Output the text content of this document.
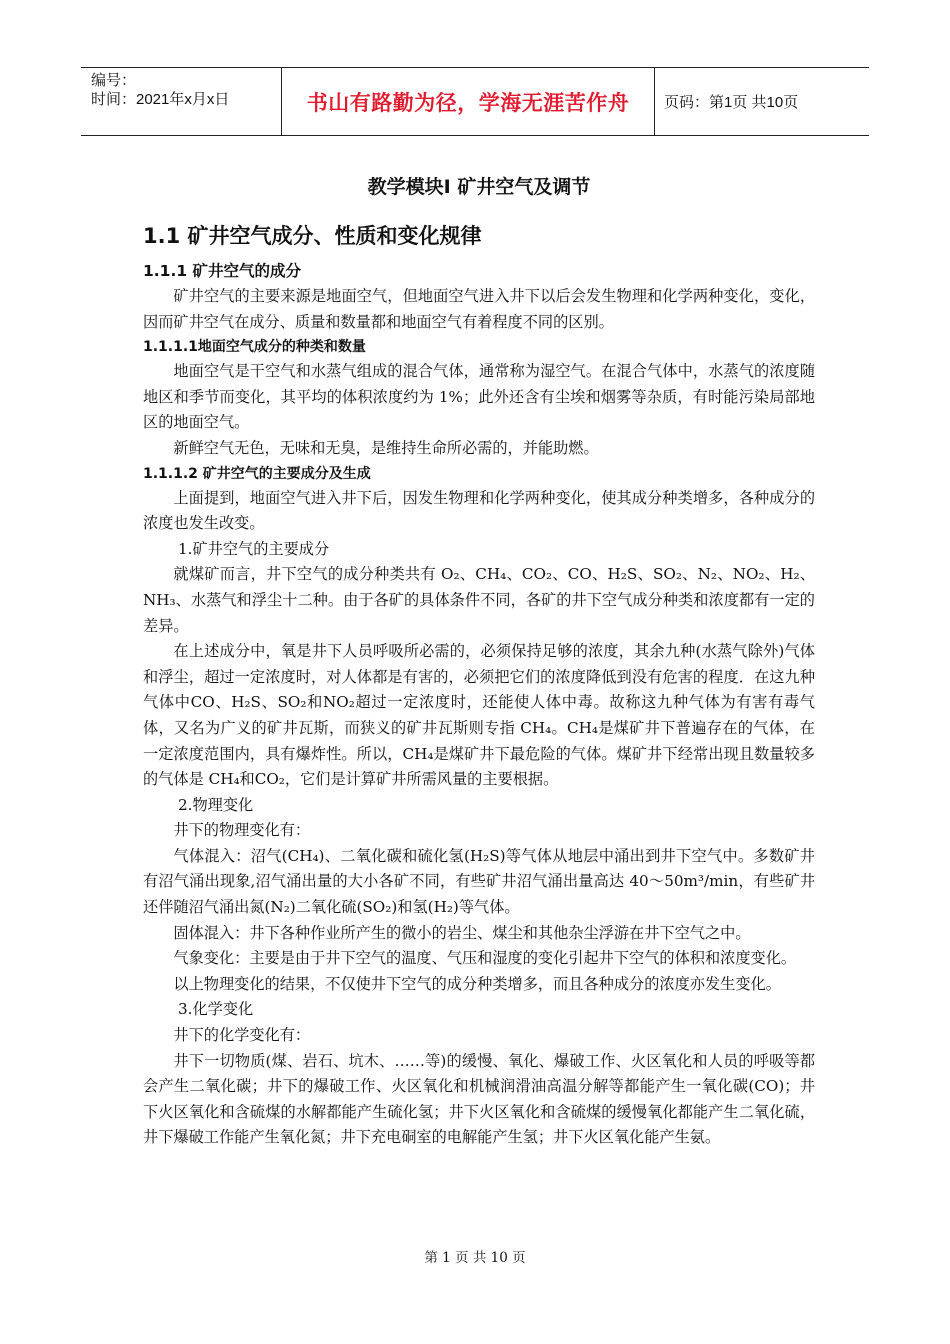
编号：
时间：2021年x月x日	书山有路勤为径，学海无涯苦作舟	页码：第1页 共10页
教学模块Ⅰ 矿井空气及调节
1.1 矿井空气成分、性质和变化规律
1.1.1 矿井空气的成分

矿井空气的主要来源是地面空气，但地面空气进入井下以后会发生物理和化学两种变化，变化，因而矿井空气在成分、质量和数量都和地面空气有着程度不同的区别。

1.1.1.1地面空气成分的种类和数量

地面空气是干空气和水蒸气组成的混合气体，通常称为湿空气。在混合气体中，水蒸气的浓度随地区和季节而变化，其平均的体积浓度约为 1%；此外还含有尘埃和烟雾等杂质，有时能污染局部地区的地面空气。

新鲜空气无色，无味和无臭，是维持生命所必需的，并能助燃。

1.1.1.2 矿井空气的主要成分及生成

上面提到，地面空气进入井下后，因发生物理和化学两种变化，使其成分种类增多，各种成分的浓度也发生改变。

1.矿井空气的主要成分

就煤矿而言，井下空气的成分种类共有 O₂、CH₄、CO₂、CO、H₂S、SO₂、N₂、NO₂、H₂、NH₃、水蒸气和浮尘十二种。由于各矿的具体条件不同，各矿的井下空气成分种类和浓度都有一定的差异。

在上述成分中，氧是井下人员呼吸所必需的，必须保持足够的浓度，其余九种(水蒸气除外)气体和浮尘，超过一定浓度时，对人体都是有害的，必须把它们的浓度降低到没有危害的程度．在这九种气体中CO、H₂S、SO₂和NO₂超过一定浓度时，还能使人体中毒。故称这九种气体为有害有毒气体，又名为广义的矿井瓦斯，而狭义的矿井瓦斯则专指 CH₄。CH₄是煤矿井下普遍存在的气体，在一定浓度范围内，具有爆炸性。所以，CH₄是煤矿井下最危险的气体。煤矿井下经常出现且数量较多的气体是 CH₄和CO₂，它们是计算矿井所需风量的主要根据。

2.物理变化

井下的物理变化有：

气体混入：沼气(CH₄)、二氧化碳和硫化氢(H₂S)等气体从地层中涌出到井下空气中。多数矿井有沼气涌出现象,沼气涌出量的大小各矿不同，有些矿井沼气涌出量高达 40～50m³/min，有些矿井还伴随沼气涌出氮(N₂)二氧化硫(SO₂)和氢(H₂)等气体。

固体混入：井下各种作业所产生的微小的岩尘、煤尘和其他杂尘浮游在井下空气之中。

气象变化：主要是由于井下空气的温度、气压和湿度的变化引起井下空气的体积和浓度变化。

以上物理变化的结果，不仅使井下空气的成分种类增多，而且各种成分的浓度亦发生变化。

3.化学变化

井下的化学变化有：

井下一切物质(煤、岩石、坑木、……等)的缓慢、氧化、爆破工作、火区氧化和人员的呼吸等都会产生二氧化碳；井下的爆破工作、火区氧化和机械润滑油高温分解等都能产生一氧化碳(CO)；井下火区氧化和含硫煤的水解都能产生硫化氢；井下火区氧化和含硫煤的缓慢氧化都能产生二氧化硫，井下爆破工作能产生氧化氮；井下充电硐室的电解能产生氢；井下火区氧化能产生氨。

第 1 页 共 10 页
